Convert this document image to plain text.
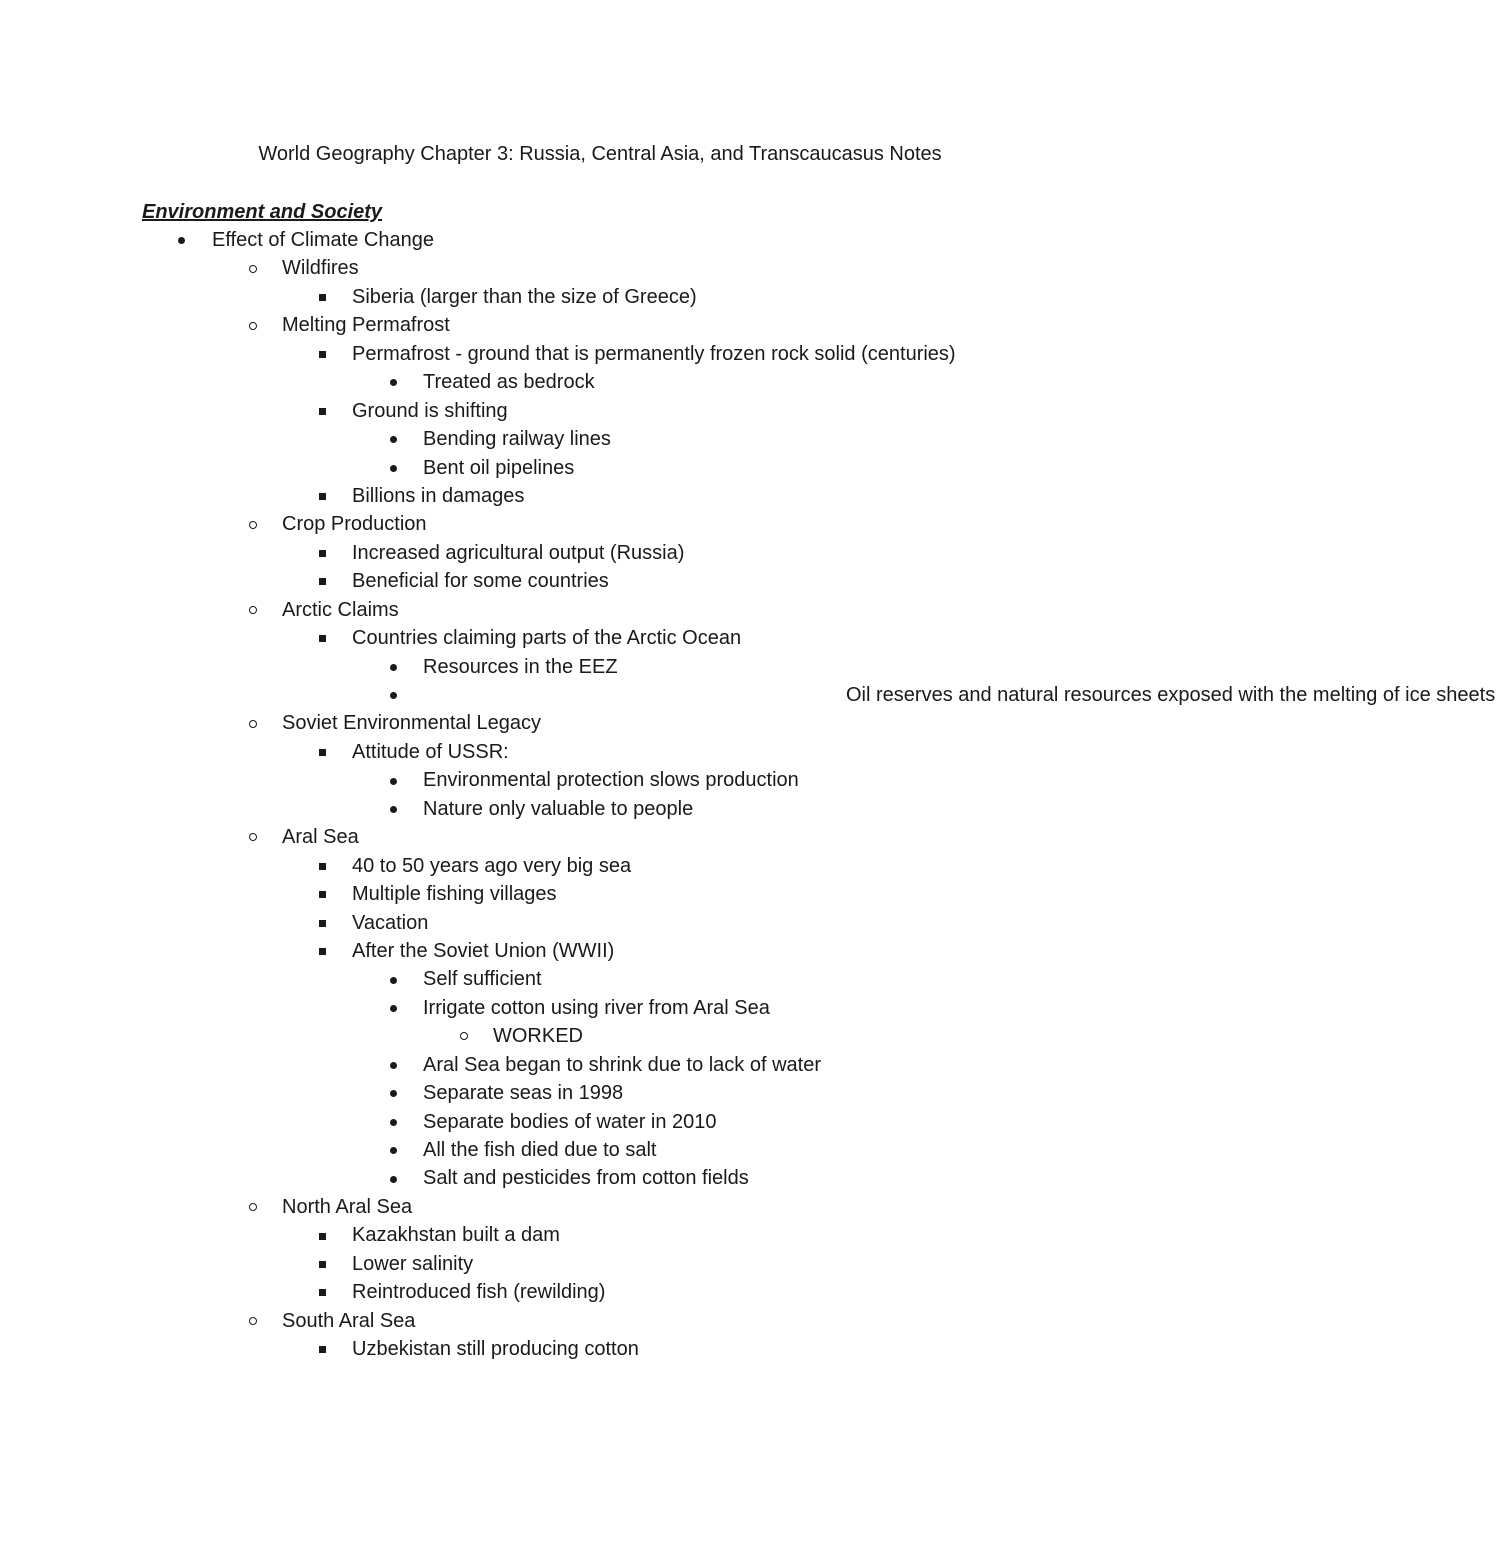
World Geography Chapter 3: Russia, Central Asia, and Transcaucasus Notes
Environment and Society
Effect of Climate Change
Wildfires
Siberia (larger than the size of Greece)
Melting Permafrost
Permafrost - ground that is permanently frozen rock solid (centuries)
Treated as bedrock
Ground is shifting
Bending railway lines
Bent oil pipelines
Billions in damages
Crop Production
Increased agricultural output (Russia)
Beneficial for some countries
Arctic Claims
Countries claiming parts of the Arctic Ocean
Resources in the EEZ
Oil reserves and natural resources exposed with the melting of ice sheets
Soviet Environmental Legacy
Attitude of USSR:
Environmental protection slows production
Nature only valuable to people
Aral Sea
40 to 50 years ago very big sea
Multiple fishing villages
Vacation
After the Soviet Union (WWII)
Self sufficient
Irrigate cotton using river from Aral Sea
WORKED
Aral Sea began to shrink due to lack of water
Separate seas in 1998
Separate bodies of water in 2010
All the fish died due to salt
Salt and pesticides from cotton fields
North Aral Sea
Kazakhstan built a dam
Lower salinity
Reintroduced fish (rewilding)
South Aral Sea
Uzbekistan still producing cotton
